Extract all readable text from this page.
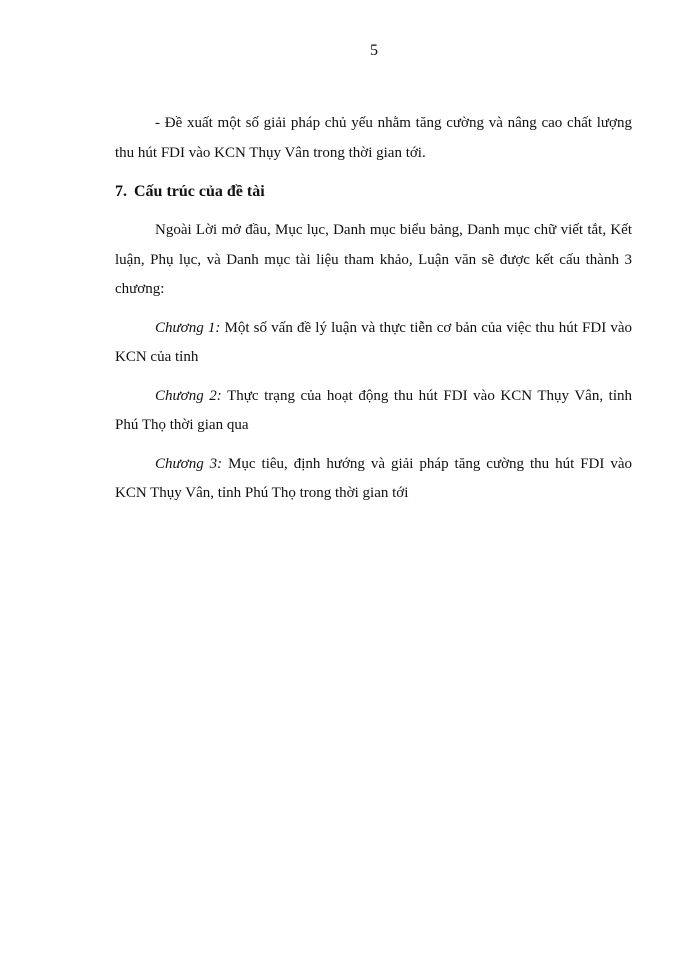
5

- Đề xuất một số giải pháp chủ yếu nhằm tăng cường và nâng cao chất lượng thu hút FDI vào KCN Thụy Vân trong thời gian tới.

7. Cấu trúc của đề tài

Ngoài Lời mở đầu, Mục lục, Danh mục biểu bảng, Danh mục chữ viết tắt, Kết luận, Phụ lục, và Danh mục tài liệu tham khảo, Luận văn sẽ được kết cấu thành 3 chương:

Chương 1: Một số vấn đề lý luận và thực tiễn cơ bản của việc thu hút FDI vào KCN của tỉnh

Chương 2: Thực trạng của hoạt động thu hút FDI vào KCN Thụy Vân, tỉnh Phú Thọ thời gian qua

Chương 3: Mục tiêu, định hướng và giải pháp tăng cường thu hút FDI vào KCN Thụy Vân, tỉnh Phú Thọ trong thời gian tới
